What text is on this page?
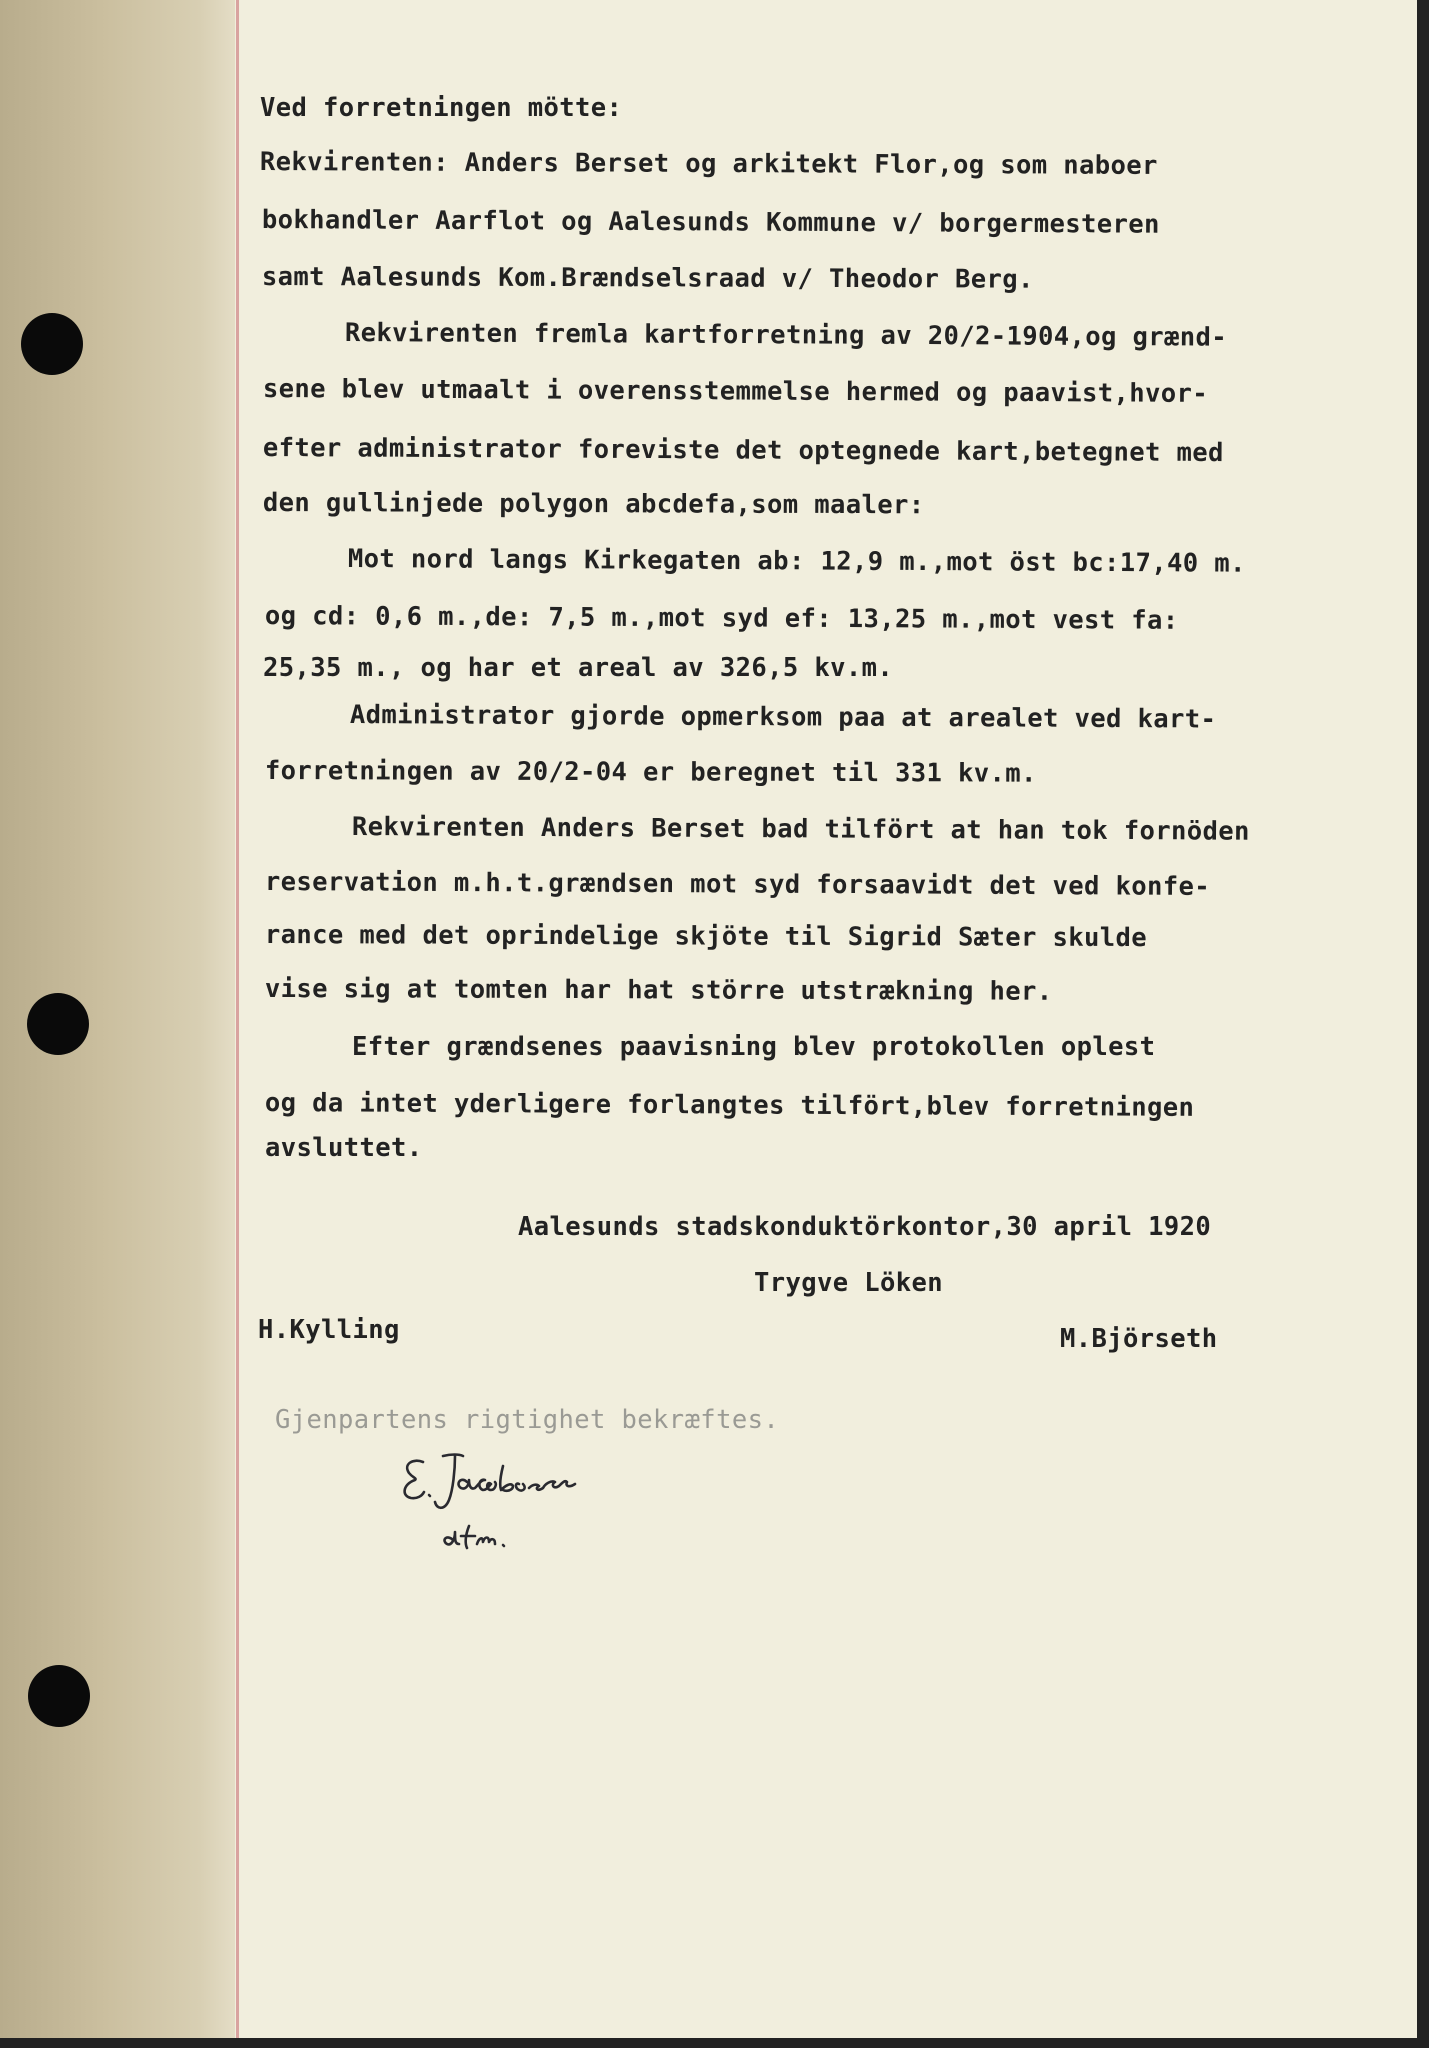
Ved forretningen mötte:

Rekvirenten: Anders Berset og arkitekt Flor,og som naboer

bokhandler Aarflot og Aalesunds Kommune v/ borgermesteren

samt Aalesunds Kom.Brændselsraad v/ Theodor Berg.

Rekvirenten fremla kartforretning av 20/2-1904,og grænd-

sene blev utmaalt i overensstemmelse hermed og paavist,hvor-

efter administrator foreviste det optegnede kart,betegnet med

den gullinjede polygon abcdefa,som maaler:

Mot nord langs Kirkegaten ab: 12,9 m.,mot öst bc:17,40 m.

og cd: 0,6 m.,de: 7,5 m.,mot syd ef: 13,25 m.,mot vest fa:

25,35 m., og har et areal av 326,5 kv.m.

Administrator gjorde opmerksom paa at arealet ved kart-

forretningen av 20/2-04 er beregnet til 331 kv.m.

Rekvirenten Anders Berset bad tilfört at han tok fornöden

reservation m.h.t.grændsen mot syd forsaavidt det ved konfe-

rance med det oprindelige skjöte til Sigrid Sæter skulde

vise sig at tomten har hat större utstrækning her.

Efter grændsenes paavisning blev protokollen oplest

og da intet yderligere forlangtes tilfört,blev forretningen

avsluttet.

Aalesunds stadskonduktörkontor,30 april 1920

Trygve Löken

H.Kylling	M.Björseth

Gjenpartens rigtighet bekræftes.
